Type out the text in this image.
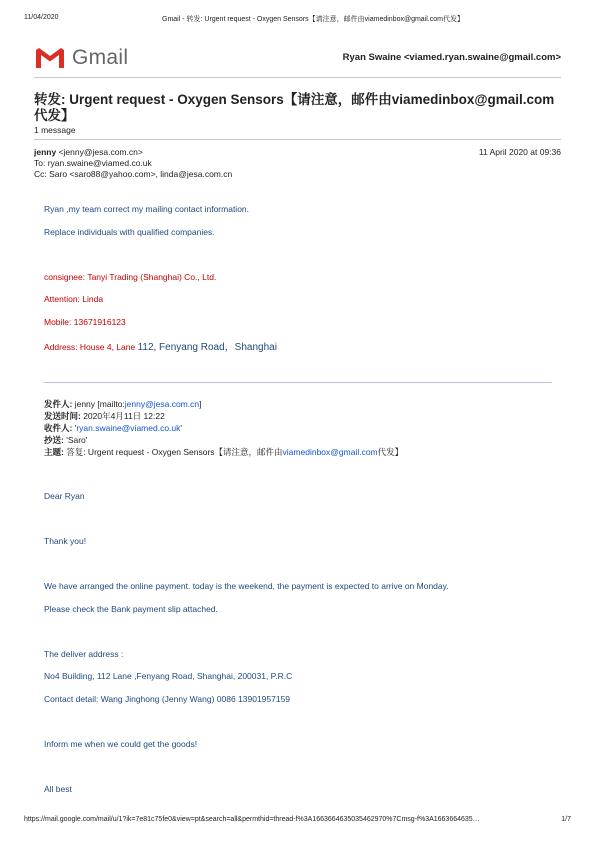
11/04/2020	Gmail - 转发: Urgent request - Oxygen Sensors【请注意，邮件由viamedinbox@gmail.com代发】
Gmail	Ryan Swaine <viamed.ryan.swaine@gmail.com>
转发: Urgent request - Oxygen Sensors【请注意，邮件由viamedinbox@gmail.com
代发】
1 message
jenny <jenny@jesa.com.cn>	11 April 2020 at 09:36
To: ryan.swaine@viamed.co.uk
Cc: Saro <saro88@yahoo.com>, linda@jesa.com.cn
Ryan ,my team correct my mailing contact information.
Replace individuals with qualified companies.
consignee: Tanyi Trading (Shanghai) Co., Ltd.
Attention: Linda
Mobile: 13671916123
Address: House 4, Lane 112, Fenyang Road，Shanghai
发件人: jenny [mailto:jenny@jesa.com.cn]
发送时间: 2020年4月11日 12:22
收件人: 'ryan.swaine@viamed.co.uk'
抄送: 'Saro'
主题: 答复: Urgent request - Oxygen Sensors【请注意，邮件由viamedinbox@gmail.com代发】
Dear Ryan
Thank you!
We have arranged the online payment. today is the weekend, the payment is expected to arrive on Monday.
Please check the Bank payment slip attached.
The deliver address :
No4 Building, 112 Lane ,Fenyang Road, Shanghai, 200031, P.R.C
Contact detail: Wang Jinghong (Jenny Wang) 0086 13901957159
Inform me when we could get the goods!
All best
https://mail.google.com/mail/u/1?ik=7e81c75fe0&view=pt&search=all&permthid=thread-f%3A1663664635035462970%7Cmsg-f%3A16636646​35…	1/7
